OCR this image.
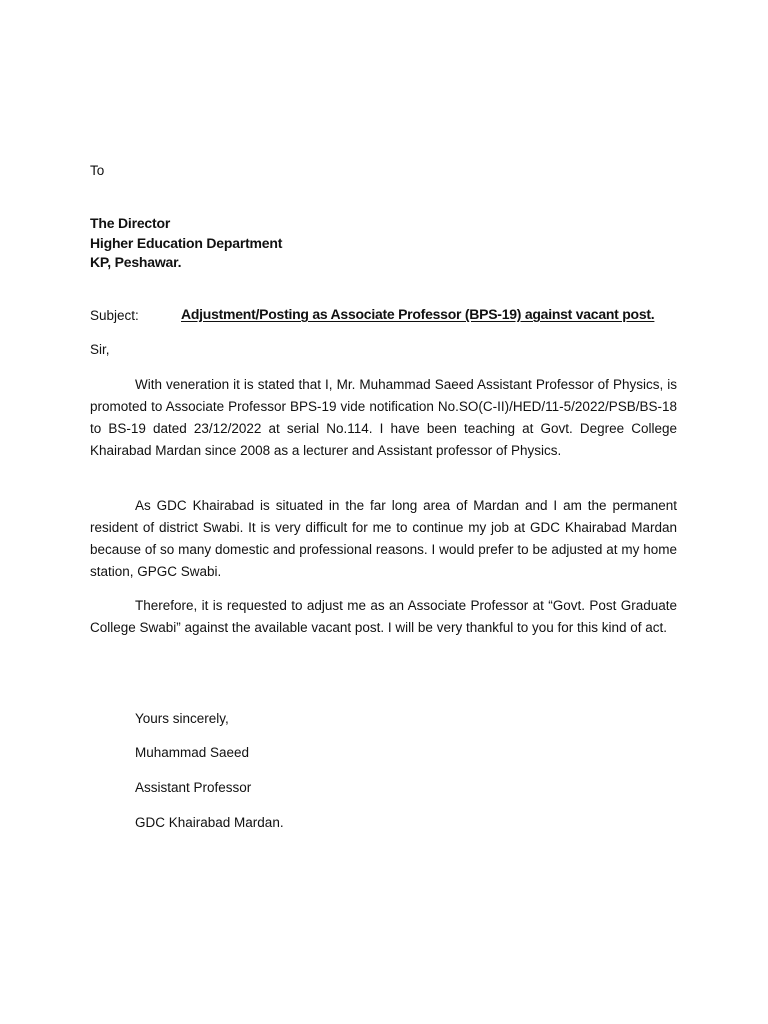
To
The Director
Higher Education Department
KP, Peshawar.
Subject:	Adjustment/Posting as Associate Professor (BPS-19) against vacant post.
Sir,

With veneration it is stated that I, Mr. Muhammad Saeed Assistant Professor of Physics, is promoted to Associate Professor BPS-19 vide notification No.SO(C-II)/HED/11-5/2022/PSB/BS-18 to BS-19 dated 23/12/2022 at serial No.114. I have been teaching at Govt. Degree College Khairabad Mardan since 2008 as a lecturer and Assistant professor of Physics.

As GDC Khairabad is situated in the far long area of Mardan and I am the permanent resident of district Swabi. It is very difficult for me to continue my job at GDC Khairabad Mardan because of so many domestic and professional reasons. I would prefer to be adjusted at my home station, GPGC Swabi.

Therefore, it is requested to adjust me as an Associate Professor at “Govt. Post Graduate College Swabi” against the available vacant post. I will be very thankful to you for this kind of act.

Yours sincerely,
Muhammad Saeed
Assistant Professor
GDC Khairabad Mardan.
